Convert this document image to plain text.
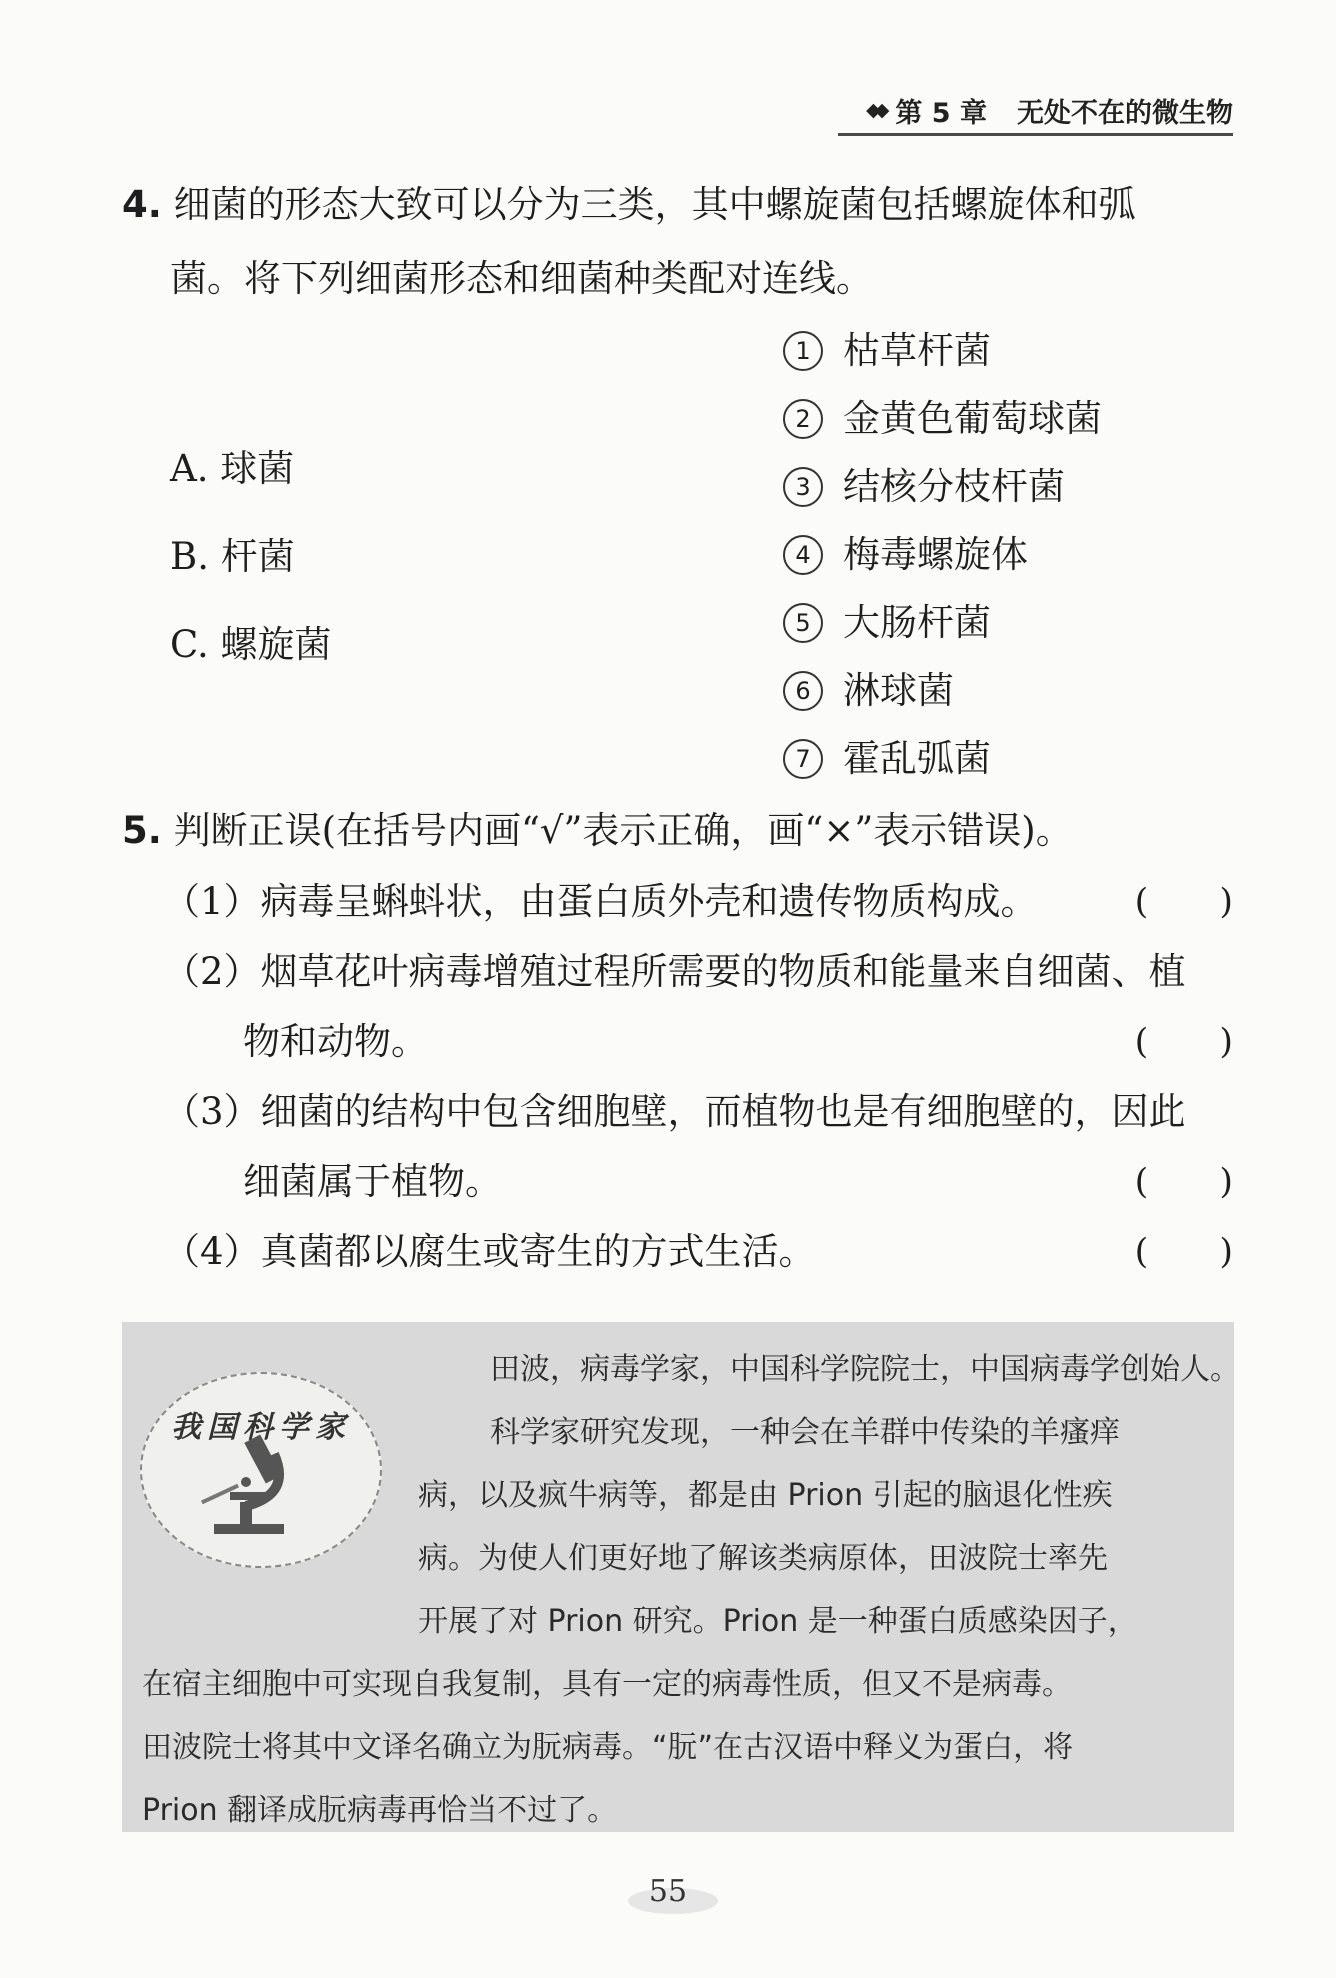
◆◆ 第 5 章 无处不在的微生物
4. 细菌的形态大致可以分为三类，其中螺旋菌包括螺旋体和弧
菌。将下列细菌形态和细菌种类配对连线。
A. 球菌
B. 杆菌
C. 螺旋菌
1 枯草杆菌
2 金黄色葡萄球菌
3 结核分枝杆菌
4 梅毒螺旋体
5 大肠杆菌
6 淋球菌
7 霍乱弧菌
5. 判断正误(在括号内画“√”表示正确，画“×”表示错误)。
（1）病毒呈蝌蚪状，由蛋白质外壳和遗传物质构成。	( )
（2）烟草花叶病毒增殖过程所需要的物质和能量来自细菌、植
物和动物。	( )
（3）细菌的结构中包含细胞壁，而植物也是有细胞壁的，因此
细菌属于植物。	( )
（4）真菌都以腐生或寄生的方式生活。	( )
我国科学家
田波，病毒学家，中国科学院院士，中国病毒学创始人。
科学家研究发现，一种会在羊群中传染的羊瘙痒
病，以及疯牛病等，都是由 Prion 引起的脑退化性疾
病。为使人们更好地了解该类病原体，田波院士率先
开展了对 Prion 研究。Prion 是一种蛋白质感染因子，
在宿主细胞中可实现自我复制，具有一定的病毒性质，但又不是病毒。
田波院士将其中文译名确立为朊病毒。“朊”在古汉语中释义为蛋白，将
Prion 翻译成朊病毒再恰当不过了。
55
